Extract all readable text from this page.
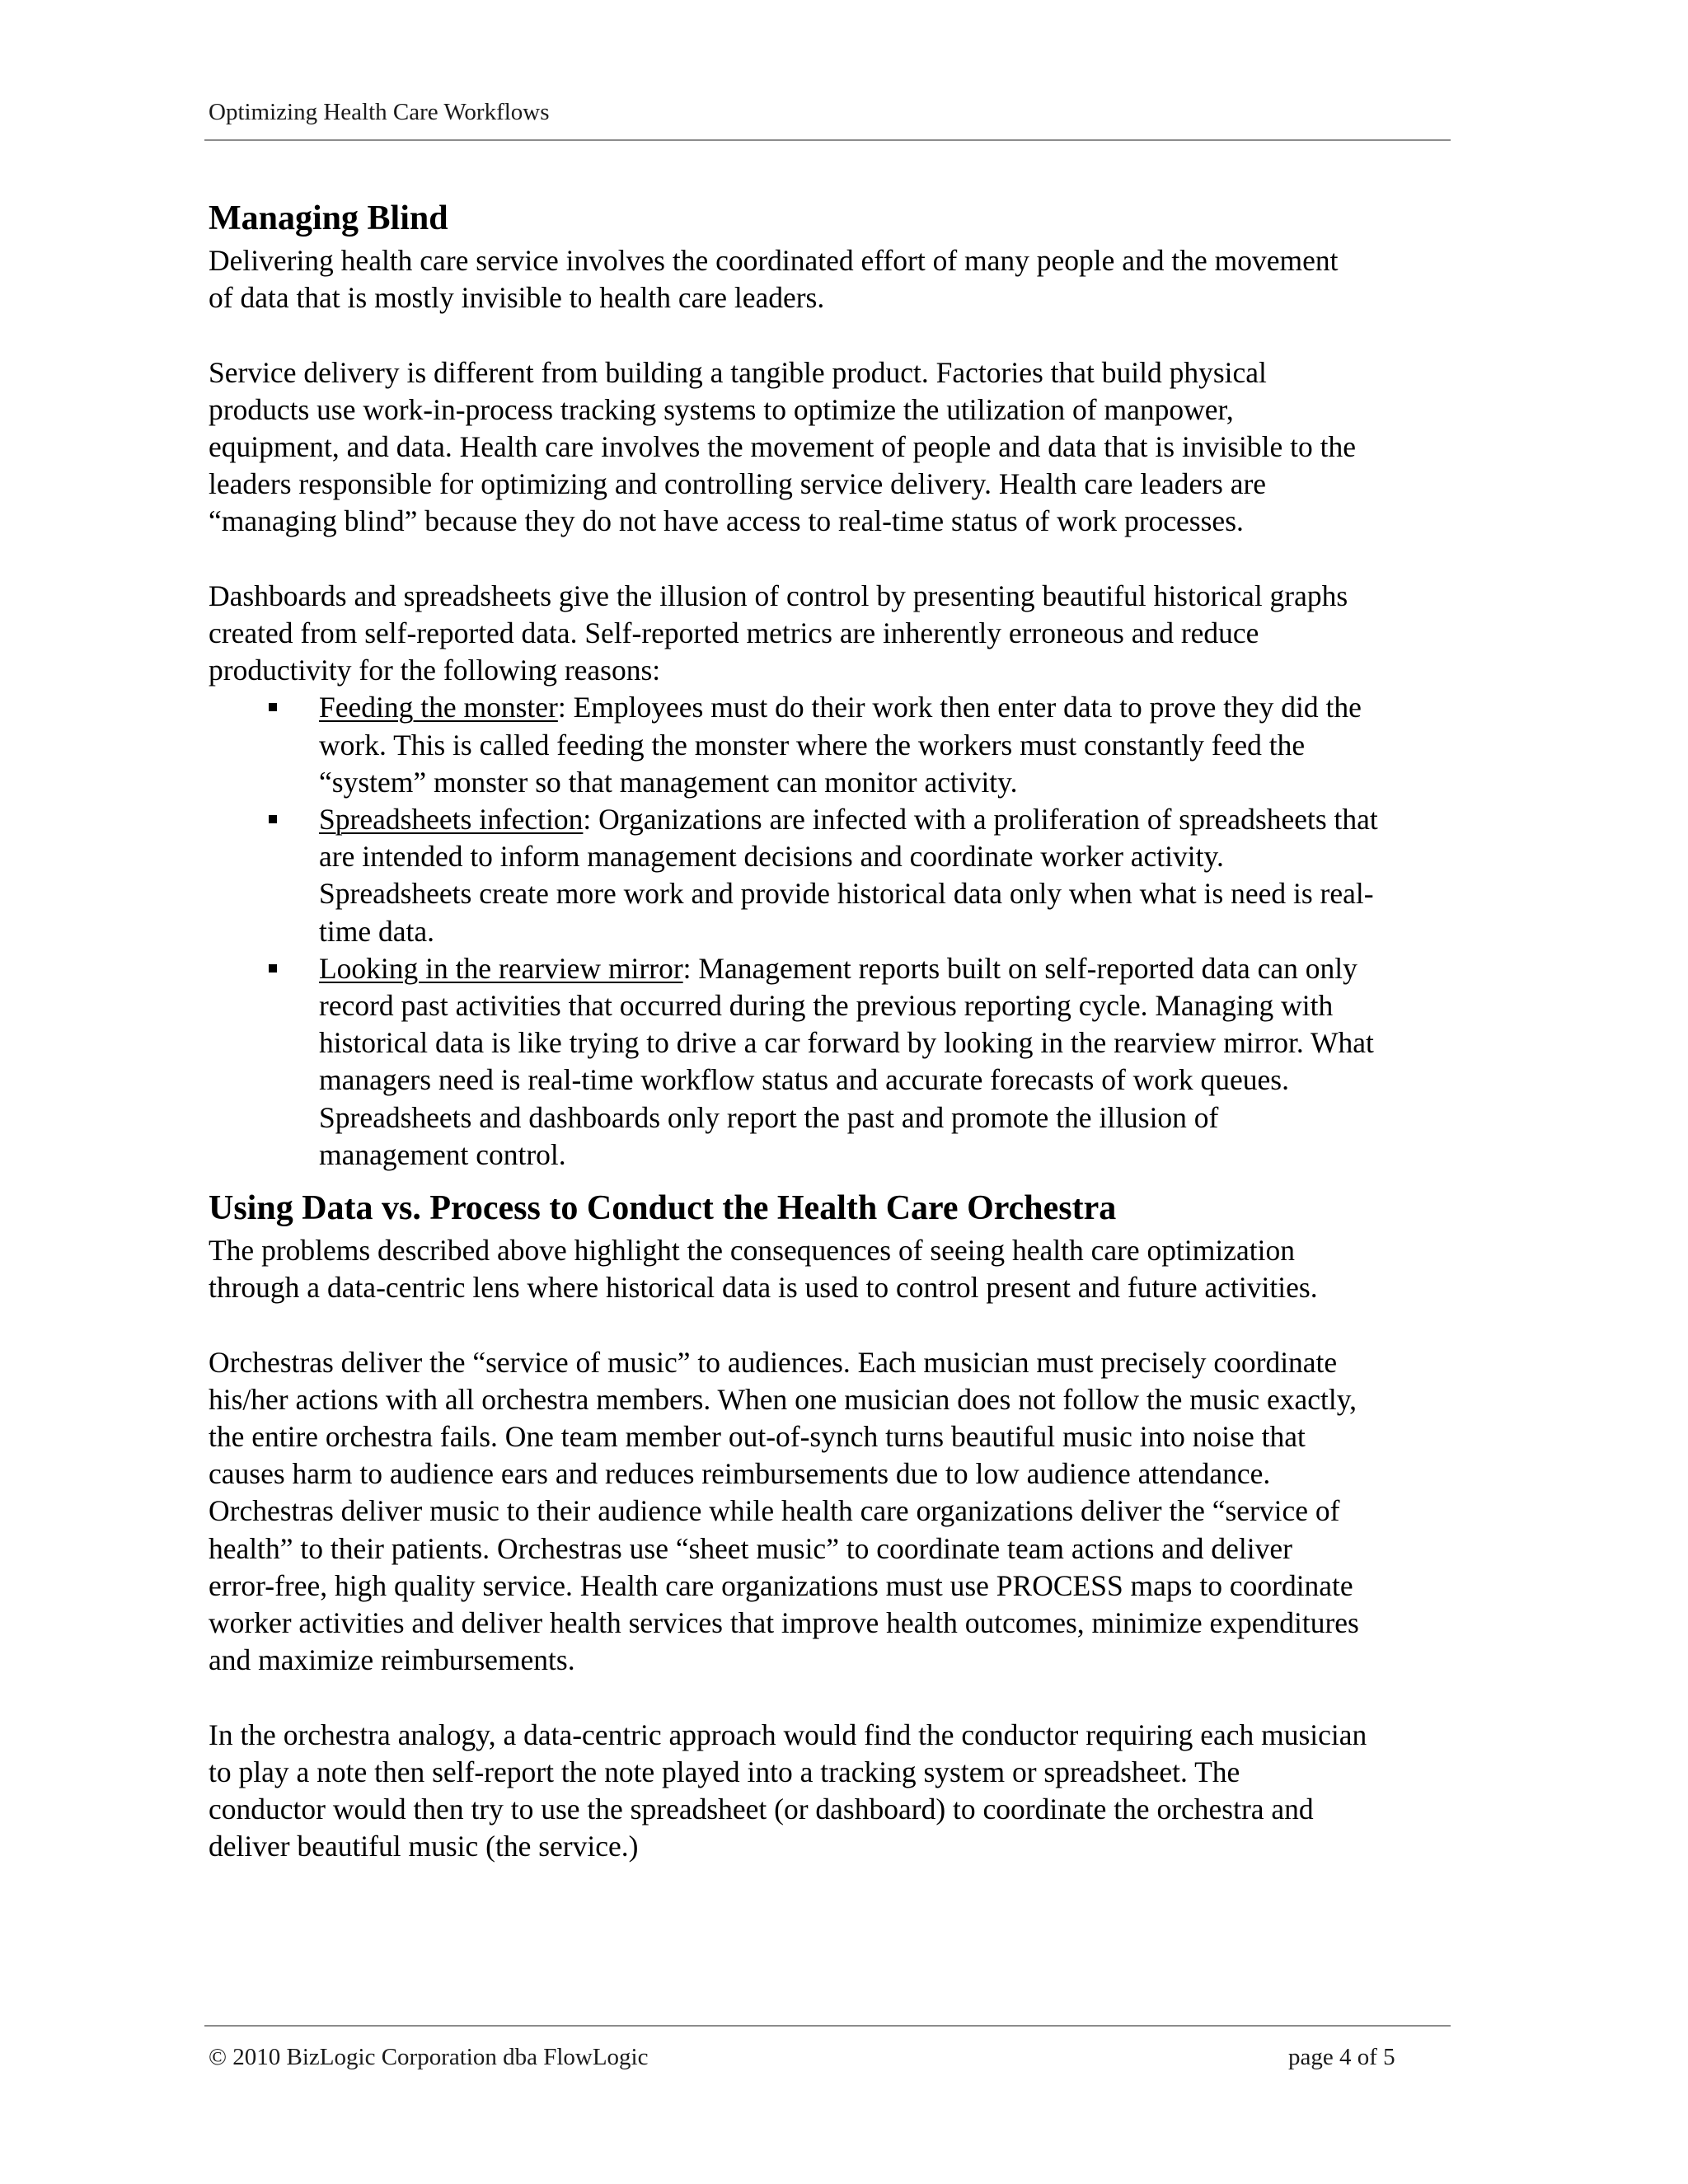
Optimizing Health Care Workflows
Managing Blind

Delivering health care service involves the coordinated effort of many people and the movement
of data that is mostly invisible to health care leaders.

Service delivery is different from building a tangible product. Factories that build physical
products use work-in-process tracking systems to optimize the utilization of manpower,
equipment, and data. Health care involves the movement of people and data that is invisible to the
leaders responsible for optimizing and controlling service delivery. Health care leaders are
“managing blind” because they do not have access to real-time status of work processes.

Dashboards and spreadsheets give the illusion of control by presenting beautiful historical graphs
created from self-reported data. Self-reported metrics are inherently erroneous and reduce
productivity for the following reasons:

Feeding the monster: Employees must do their work then enter data to prove they did the
work. This is called feeding the monster where the workers must constantly feed the
“system” monster so that management can monitor activity.
Spreadsheets infection: Organizations are infected with a proliferation of spreadsheets that
are intended to inform management decisions and coordinate worker activity.
Spreadsheets create more work and provide historical data only when what is need is real-
time data.
Looking in the rearview mirror: Management reports built on self-reported data can only
record past activities that occurred during the previous reporting cycle. Managing with
historical data is like trying to drive a car forward by looking in the rearview mirror. What
managers need is real-time workflow status and accurate forecasts of work queues.
Spreadsheets and dashboards only report the past and promote the illusion of
management control.
Using Data vs. Process to Conduct the Health Care Orchestra

The problems described above highlight the consequences of seeing health care optimization
through a data-centric lens where historical data is used to control present and future activities.

Orchestras deliver the “service of music” to audiences. Each musician must precisely coordinate
his/her actions with all orchestra members. When one musician does not follow the music exactly,
the entire orchestra fails. One team member out-of-synch turns beautiful music into noise that
causes harm to audience ears and reduces reimbursements due to low audience attendance.
Orchestras deliver music to their audience while health care organizations deliver the “service of
health” to their patients. Orchestras use “sheet music” to coordinate team actions and deliver
error-free, high quality service. Health care organizations must use PROCESS maps to coordinate
worker activities and deliver health services that improve health outcomes, minimize expenditures
and maximize reimbursements.

In the orchestra analogy, a data-centric approach would find the conductor requiring each musician
to play a note then self-report the note played into a tracking system or spreadsheet. The
conductor would then try to use the spreadsheet (or dashboard) to coordinate the orchestra and
deliver beautiful music (the service.)

© 2010 BizLogic Corporation dba FlowLogic	page 4 of 5
